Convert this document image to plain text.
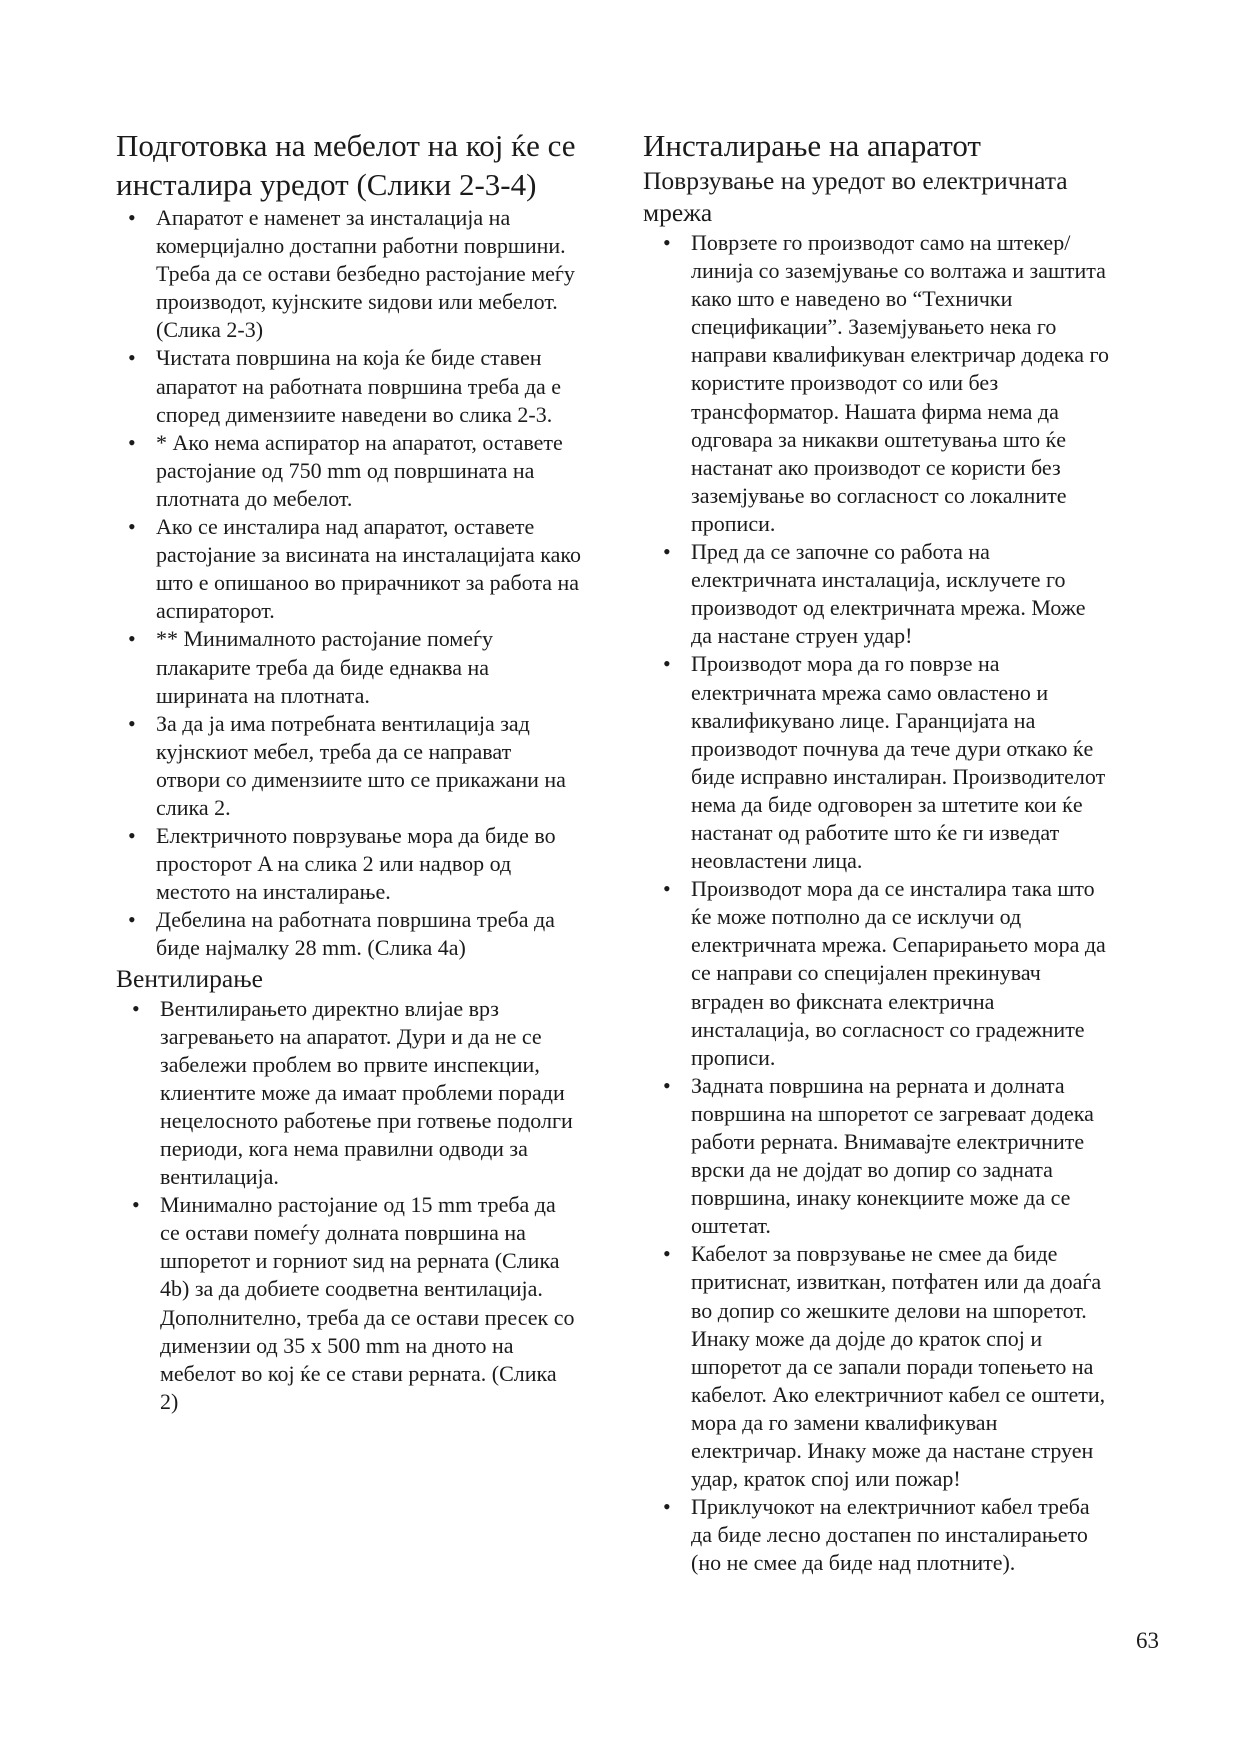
Подготовка на мебелот на кој ќе се инсталира уредот (Слики 2-3-4)
• Апаратот е наменет за инсталација на комерцијално достапни работни површини. Треба да се остави безбедно растојание меѓу производот, кујнските ѕидови или мебелот. (Слика 2-3)
• Чистата површина на која ќе биде ставен апаратот на работната површина треба да е според димензиите наведени во слика 2-3.
• * Ако нема аспиратор на апаратот, оставете растојание од 750 mm од површината на плотната до мебелот.
• Ако се инсталира над апаратот, оставете растојание за висината на инсталацијата како што е опишаноо во прирачникот за работа на аспираторот.
• ** Минималното растојание помеѓу плакарите треба да биде еднаква на ширината на плотната.
• За да ја има потребната вентилација зад кујнскиот мебел, треба да се направат отвори со димензиите што се прикажани на слика 2.
• Електричното поврзување мора да биде во просторот A на слика 2 или надвор од местото на инсталирање.
• Дебелина на работната површина треба да биде најмалку 28 mm. (Слика 4a)
Вентилирање
• Вентилирањето директно влијае врз загревањето на апаратот. Дури и да не се забележи проблем во првите инспекции, клиентите може да имаат проблеми поради нецелосното работење при готвење подолги периоди, кога нема правилни одводи за вентилација.
• Минимално растојание од 15 mm треба да се остави помеѓу долната површина на шпоретот и горниот ѕид на рерната (Слика 4b) за да добиете соодветна вентилација. Дополнително, треба да се остави пресек со димензии од 35 x 500 mm на дното на мебелот во кој ќе се стави рерната. (Слика 2)
Инсталирање на апаратот
Поврзување на уредот во електричната мрежа
• Поврзете го производот само на штекер/линија со заземјување со волтажа и заштита како што е наведено во “Технички спецификации”. Заземјувањето нека го направи квалификуван електричар додека го користите производот со или без трансформатор. Нашата фирма нема да одговара за никакви оштетувања што ќе настанат ако производот се користи без заземјување во согласност со локалните прописи.
• Пред да се започне со работа на електричната инсталација, исклучете го производот од електричната мрежа. Може да настане струен удар!
• Производот мора да го поврзе на електричната мрежа само овластено и квалификувано лице. Гаранцијата на производот почнува да тече дури откако ќе биде исправно инсталиран. Производителот нема да биде одговорен за штетите кои ќе настанат од работите што ќе ги изведат неовластени лица.
• Производот мора да се инсталира така што ќе може потполно да се исклучи од електричната мрежа. Сепарирањето мора да се направи со специјален прекинувач вграден во фиксната електрична инсталација, во согласност со градежните прописи.
• Задната површина на рерната и долната површина на шпоретот се загреваат додека работи рерната. Внимавајте електричните врски да не дојдат во допир со задната површина, инаку конекциите може да се оштетат.
• Кабелот за поврзување не смее да биде притиснат, извиткан, потфатен или да доаѓа во допир со жешките делови на шпоретот. Инаку може да дојде до краток спој и шпоретот да се запали поради топењето на кабелот. Ако електричниот кабел се оштети, мора да го замени квалификуван електричар. Инаку може да настане струен удар, краток спој или пожар!
• Приклучокот на електричниот кабел треба да биде лесно достапен по инсталирањето (но не смее да биде над плотните).
63
